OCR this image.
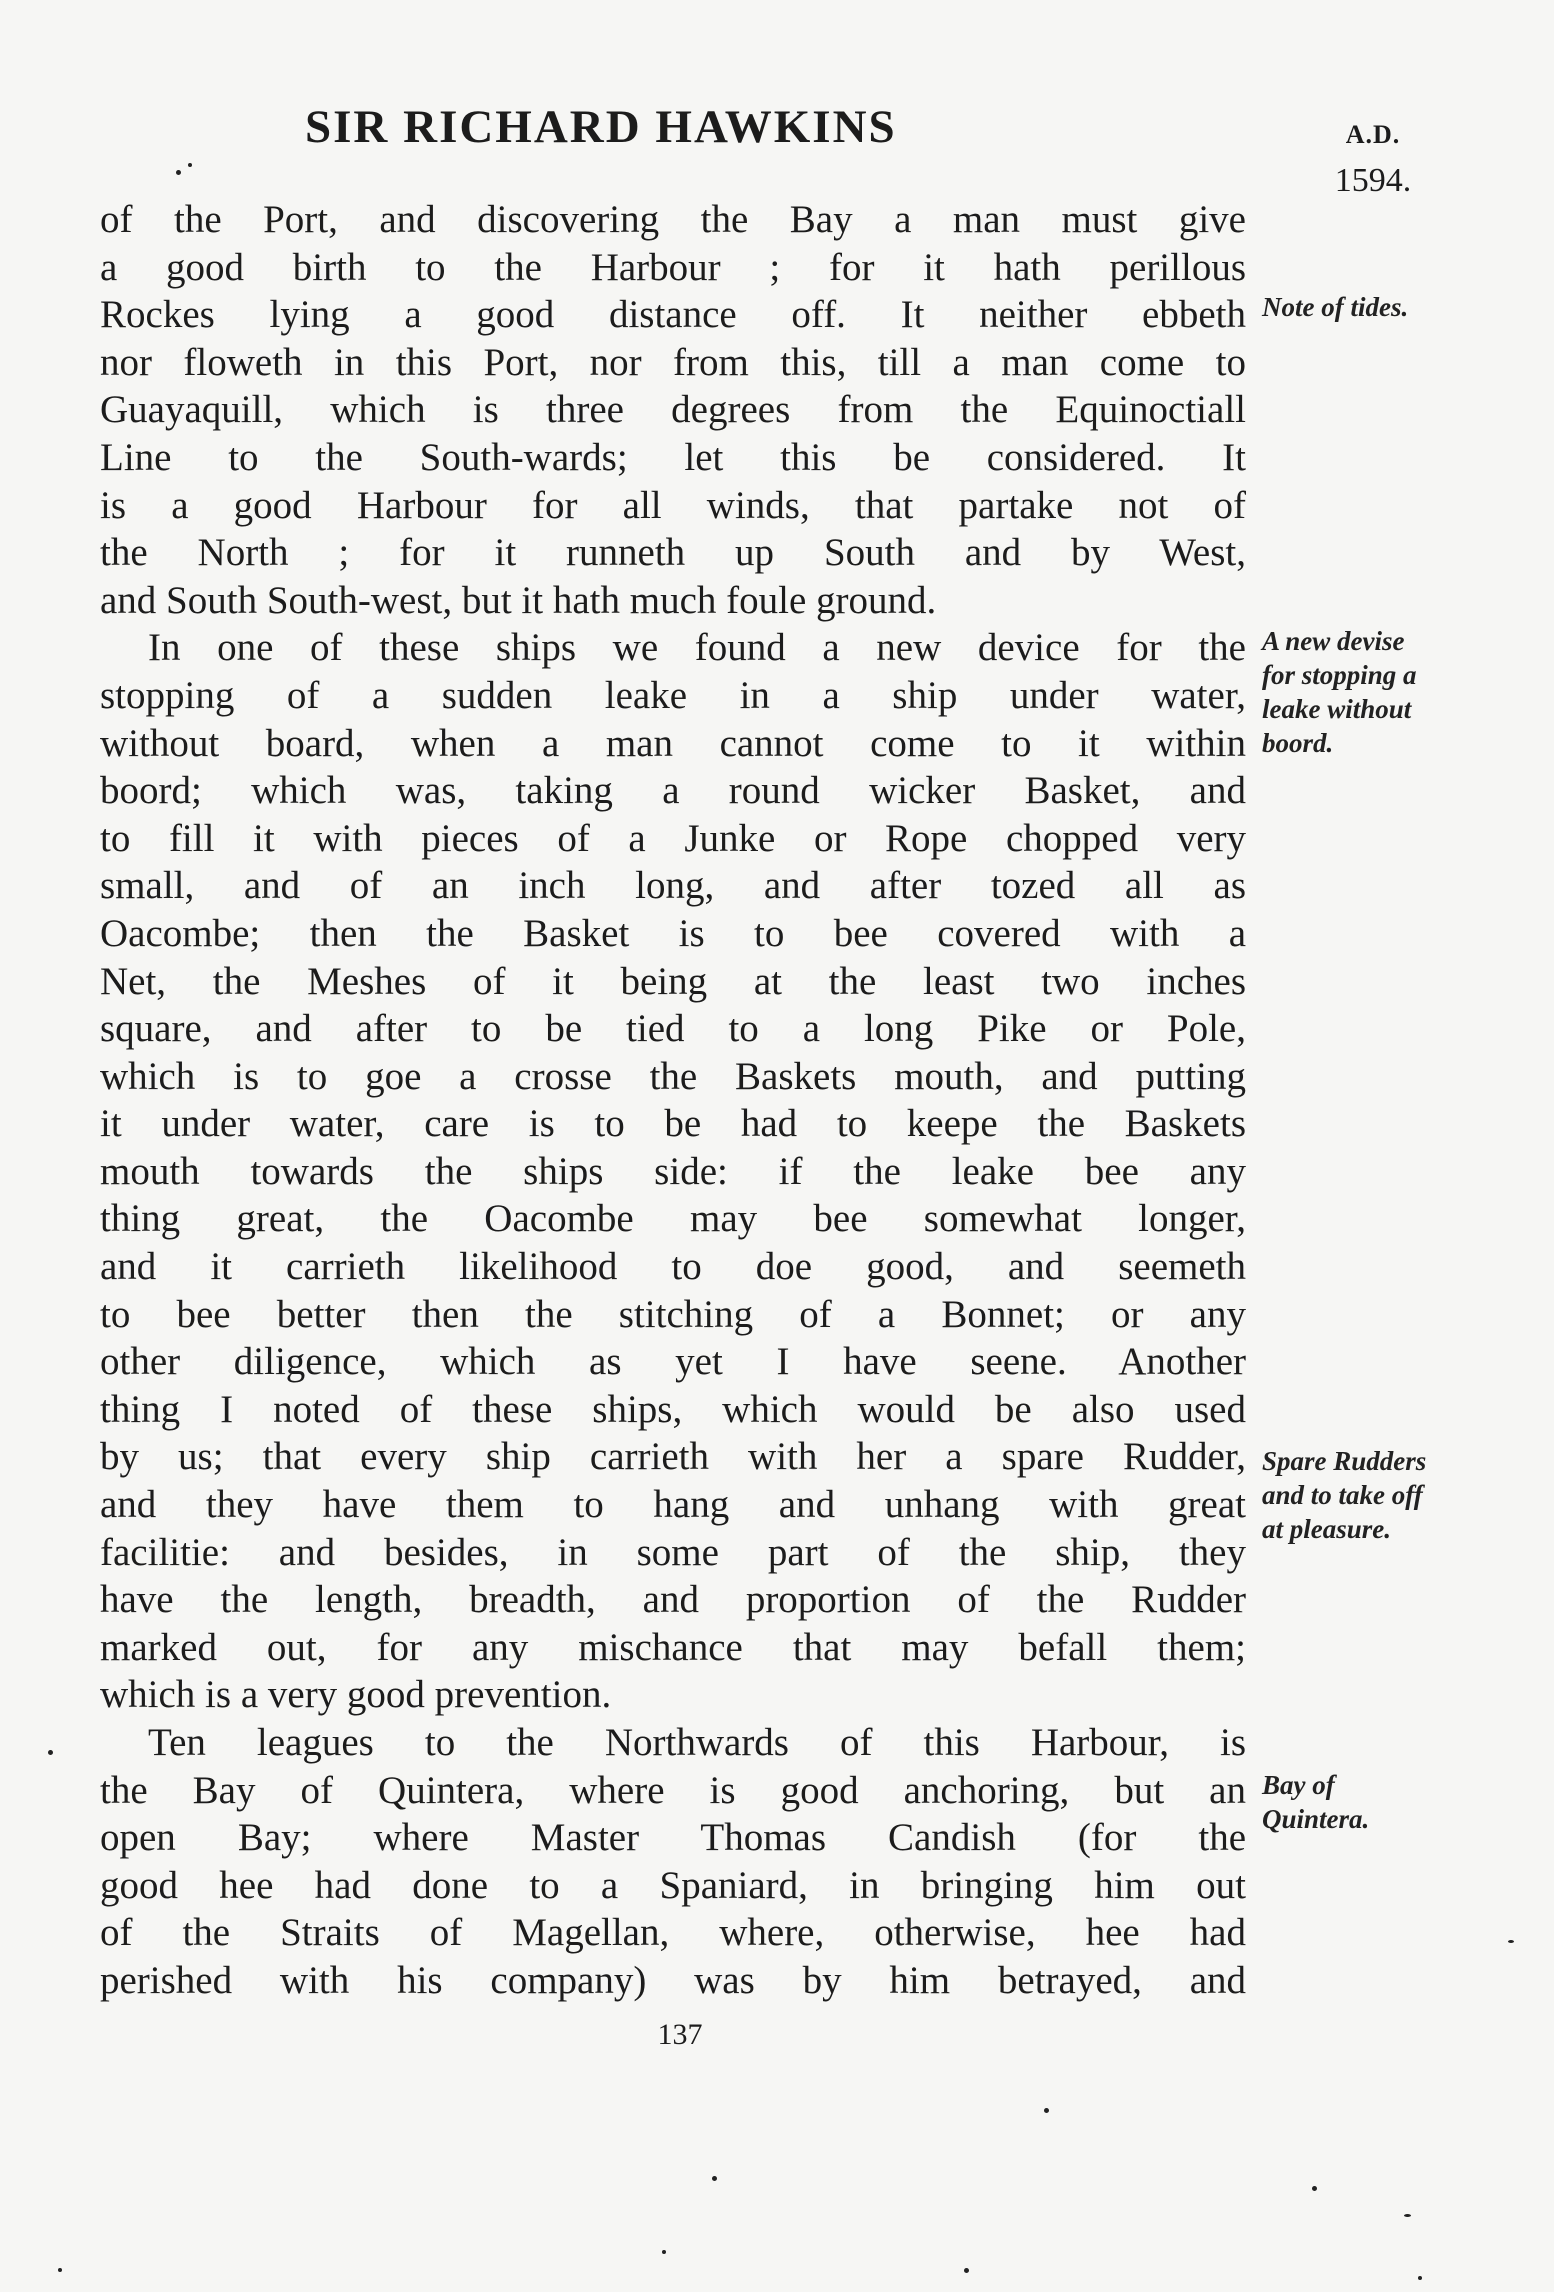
SIR RICHARD HAWKINS	A.D.
1594.
of the Port, and discovering the Bay a man must give
a good birth to the Harbour ; for it hath perillous
Rockes lying a good distance off. It neither ebbeth
nor floweth in this Port, nor from this, till a man come to
Guayaquill, which is three degrees from the Equinoctiall
Line to the South-wards; let this be considered. It
is a good Harbour for all winds, that partake not of
the North ; for it runneth up South and by West,
and South South-west, but it hath much foule ground.
In one of these ships we found a new device for the
stopping of a sudden leake in a ship under water,
without board, when a man cannot come to it within
boord; which was, taking a round wicker Basket, and
to fill it with pieces of a Junke or Rope chopped very
small, and of an inch long, and after tozed all as
Oacombe; then the Basket is to bee covered with a
Net, the Meshes of it being at the least two inches
square, and after to be tied to a long Pike or Pole,
which is to goe a crosse the Baskets mouth, and putting
it under water, care is to be had to keepe the Baskets
mouth towards the ships side: if the leake bee any
thing great, the Oacombe may bee somewhat longer,
and it carrieth likelihood to doe good, and seemeth
to bee better then the stitching of a Bonnet; or any
other diligence, which as yet I have seene. Another
thing I noted of these ships, which would be also used
by us; that every ship carrieth with her a spare Rudder,
and they have them to hang and unhang with great
facilitie: and besides, in some part of the ship, they
have the length, breadth, and proportion of the Rudder
marked out, for any mischance that may befall them;
which is a very good prevention.
Ten leagues to the Northwards of this Harbour, is
the Bay of Quintera, where is good anchoring, but an
open Bay; where Master Thomas Candish (for the
good hee had done to a Spaniard, in bringing him out
of the Straits of Magellan, where, otherwise, hee had
perished with his company) was by him betrayed, and
137
Note of tides.
A new devise
for stopping a
leake without
boord.
Spare Rudders
and to take off
at pleasure.
Bay of
Quintera.
